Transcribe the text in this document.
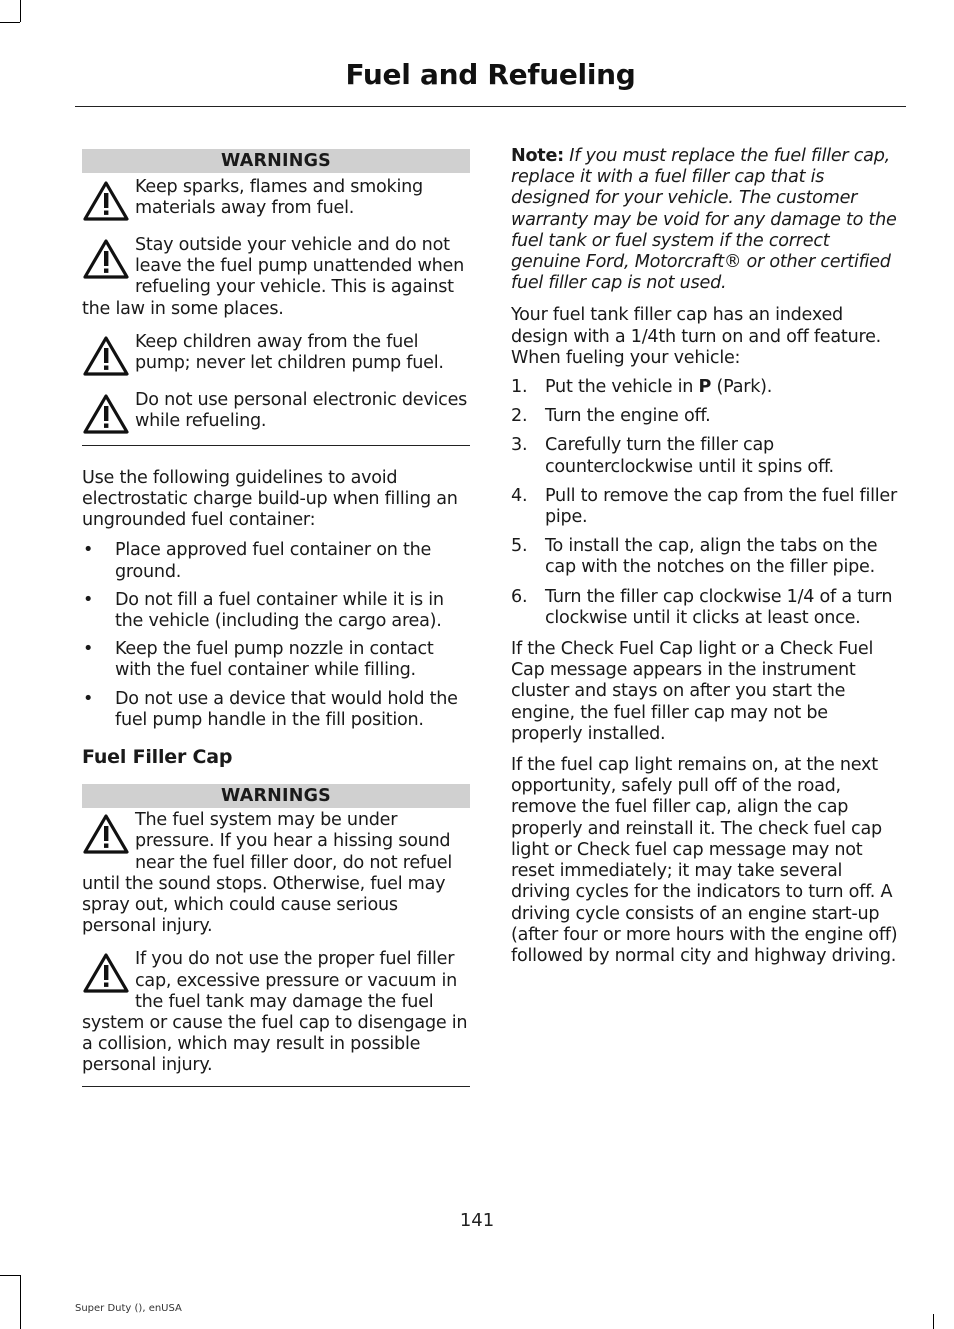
Fuel and Refueling
WARNINGS
Keep sparks, flames and smoking materials away from fuel.
Stay outside your vehicle and do not leave the fuel pump unattended when refueling your vehicle. This is against the law in some places.
Keep children away from the fuel pump; never let children pump fuel.
Do not use personal electronic devices while refueling.

Use the following guidelines to avoid electrostatic charge build-up when filling an ungrounded fuel container:

• Place approved fuel container on the ground.
• Do not fill a fuel container while it is in the vehicle (including the cargo area).
• Keep the fuel pump nozzle in contact with the fuel container while filling.
• Do not use a device that would hold the fuel pump handle in the fill position.
Fuel Filler Cap
WARNINGS
The fuel system may be under pressure. If you hear a hissing sound near the fuel filler door, do not refuel until the sound stops. Otherwise, fuel may spray out, which could cause serious personal injury.
If you do not use the proper fuel filler cap, excessive pressure or vacuum in the fuel tank may damage the fuel system or cause the fuel cap to disengage in a collision, which may result in possible personal injury.

Note: If you must replace the fuel filler cap, replace it with a fuel filler cap that is designed for your vehicle. The customer warranty may be void for any damage to the fuel tank or fuel system if the correct genuine Ford, Motorcraft® or other certified fuel filler cap is not used.

Your fuel tank filler cap has an indexed design with a 1/4th turn on and off feature. When fueling your vehicle:

1. Put the vehicle in P (Park).
2. Turn the engine off.
3. Carefully turn the filler cap counterclockwise until it spins off.
4. Pull to remove the cap from the fuel filler pipe.
5. To install the cap, align the tabs on the cap with the notches on the filler pipe.
6. Turn the filler cap clockwise 1/4 of a turn clockwise until it clicks at least once.

If the Check Fuel Cap light or a Check Fuel Cap message appears in the instrument cluster and stays on after you start the engine, the fuel filler cap may not be properly installed.

If the fuel cap light remains on, at the next opportunity, safely pull off of the road, remove the fuel filler cap, align the cap properly and reinstall it. The check fuel cap light or Check fuel cap message may not reset immediately; it may take several driving cycles for the indicators to turn off. A driving cycle consists of an engine start-up (after four or more hours with the engine off) followed by normal city and highway driving.

141
Super Duty (), enUSA
